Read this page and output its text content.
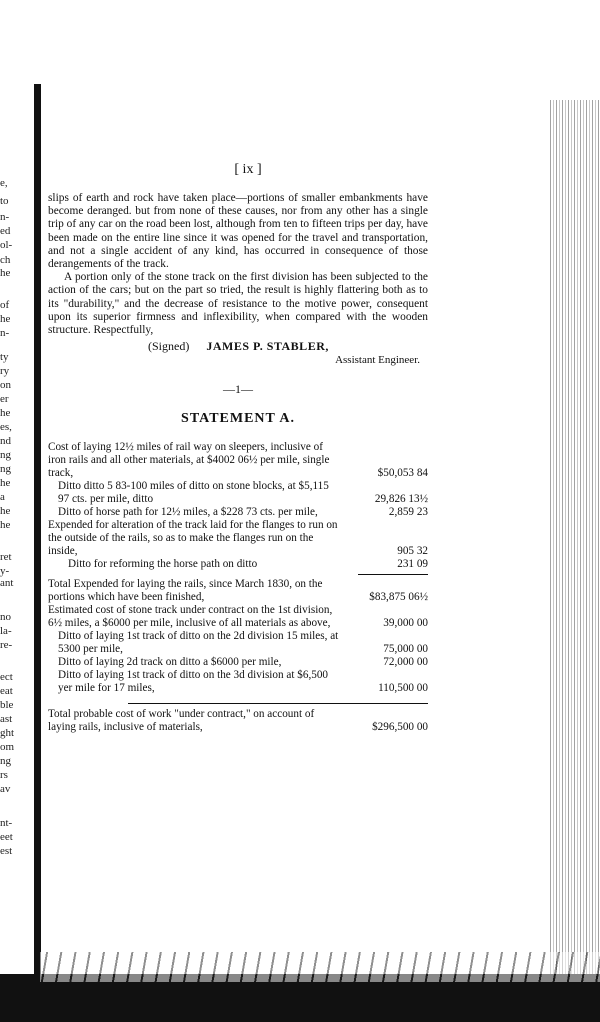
e,
to
n-
ed
ol-
ch
he
of
he
n-
ty
ry
on
er
he
es,
nd
ng
ng
he
a
he
he
ret
y-
ant
no
la-
re-
ect
eat
ble
ast
ght
om
ng
rs
av
nt-
eet
est
[ ix ]

slips of earth and rock have taken place—portions of smaller embankments have become deranged. but from none of these causes, nor from any other has a single trip of any car on the road been lost, although from ten to fifteen trips per day, have been made on the entire line since it was opened for the travel and transportation, and not a single accident of any kind, has occurred in consequence of those derangements of the track.

A portion only of the stone track on the first division has been subjected to the action of the cars; but on the part so tried, the result is highly flattering both as to its "durability," and the decrease of resistance to the motive power, consequent upon its superior firmness and inflexibility, when compared with the wooden structure. Respectfully,

(Signed) JAMES P. STABLER,
Assistant Engineer.
—1—
STATEMENT A.
Cost of laying 12½ miles of rail way on sleepers, inclusive of iron rails and all other materials, at $4002 06½ per mile, single track,	$50,053 84
Ditto ditto 5 83-100 miles of ditto on stone blocks, at $5,115 97 cts. per mile, ditto	29,826 13½
Ditto of horse path for 12½ miles, a $228 73 cts. per mile,	2,859 23
Expended for alteration of the track laid for the flanges to run on the outside of the rails, so as to make the flanges run on the inside,	905 32
Ditto for reforming the horse path on ditto	231 09
Total Expended for laying the rails, since March 1830, on the portions which have been finished,	$83,875 06½
Estimated cost of stone track under contract on the 1st division, 6½ miles, a $6000 per mile, inclusive of all materials as above,	39,000 00
Ditto of laying 1st track of ditto on the 2d division 15 miles, at 5300 per mile,	75,000 00
Ditto of laying 2d track on ditto a $6000 per mile,	72,000 00
Ditto of laying 1st track of ditto on the 3d division at $6,500 yer mile for 17 miles,	110,500 00
Total probable cost of work "under contract," on account of laying rails, inclusive of materials,	$296,500 00
